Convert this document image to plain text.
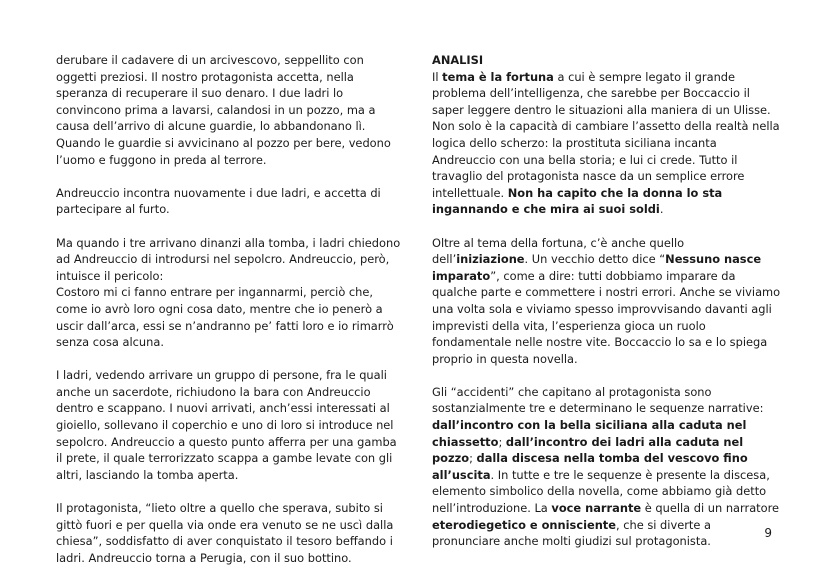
derubare il cadavere di un arcivescovo, seppellito con oggetti preziosi. Il nostro protagonista accetta, nella speranza di recuperare il suo denaro. I due ladri lo convincono prima a lavarsi, calandosi in un pozzo, ma a causa dell’arrivo di alcune guardie, lo abbandonano lì. Quando le guardie si avvicinano al pozzo per bere, vedono l’uomo e fuggono in preda al terrore.

Andreuccio incontra nuovamente i due ladri, e accetta di partecipare al furto.

Ma quando i tre arrivano dinanzi alla tomba, i ladri chiedono ad Andreuccio di introdursi nel sepolcro. Andreuccio, però, intuisce il pericolo:

Costoro mi ci fanno entrare per ingannarmi, perciò che, come io avrò loro ogni cosa dato, mentre che io penerò a uscir dall’arca, essi se n’andranno pe’ fatti loro e io rimarrò senza cosa alcuna.

I ladri, vedendo arrivare un gruppo di persone, fra le quali anche un sacerdote, richiudono la bara con Andreuccio dentro e scappano. I nuovi arrivati, anch’essi interessati al gioiello, sollevano il coperchio e uno di loro si introduce nel sepolcro. Andreuccio a questo punto afferra per una gamba il prete, il quale terrorizzato scappa a gambe levate con gli altri, lasciando la tomba aperta.

Il protagonista, “lieto oltre a quello che sperava, subito si gittò fuori e per quella via onde era venuto se ne uscì dalla chiesa”, soddisfatto di aver conquistato il tesoro beffando i ladri. Andreuccio torna a Perugia, con il suo bottino.

ANALISI

Il tema è la fortuna a cui è sempre legato il grande problema dell’intelligenza, che sarebbe per Boccaccio il saper leggere dentro le situazioni alla maniera di un Ulisse. Non solo è la capacità di cambiare l’assetto della realtà nella logica dello scherzo: la prostituta siciliana incanta Andreuccio con una bella storia; e lui ci crede. Tutto il travaglio del protagonista nasce da un semplice errore intellettuale. Non ha capito che la donna lo sta ingannando e che mira ai suoi soldi.

Oltre al tema della fortuna, c’è anche quello dell’iniziazione. Un vecchio detto dice “Nessuno nasce imparato”, come a dire: tutti dobbiamo imparare da qualche parte e commettere i nostri errori. Anche se viviamo una volta sola e viviamo spesso improvvisando davanti agli imprevisti della vita, l’esperienza gioca un ruolo fondamentale nelle nostre vite. Boccaccio lo sa e lo spiega proprio in questa novella.

Gli “accidenti” che capitano al protagonista sono sostanzialmente tre e determinano le sequenze narrative: dall’incontro con la bella siciliana alla caduta nel chiassetto; dall’incontro dei ladri alla caduta nel pozzo; dalla discesa nella tomba del vescovo fino all’uscita. In tutte e tre le sequenze è presente la discesa, elemento simbolico della novella, come abbiamo già detto nell’introduzione. La voce narrante è quella di un narratore eterodiegetico e onnisciente, che si diverte a pronunciare anche molti giudizi sul protagonista.

9
